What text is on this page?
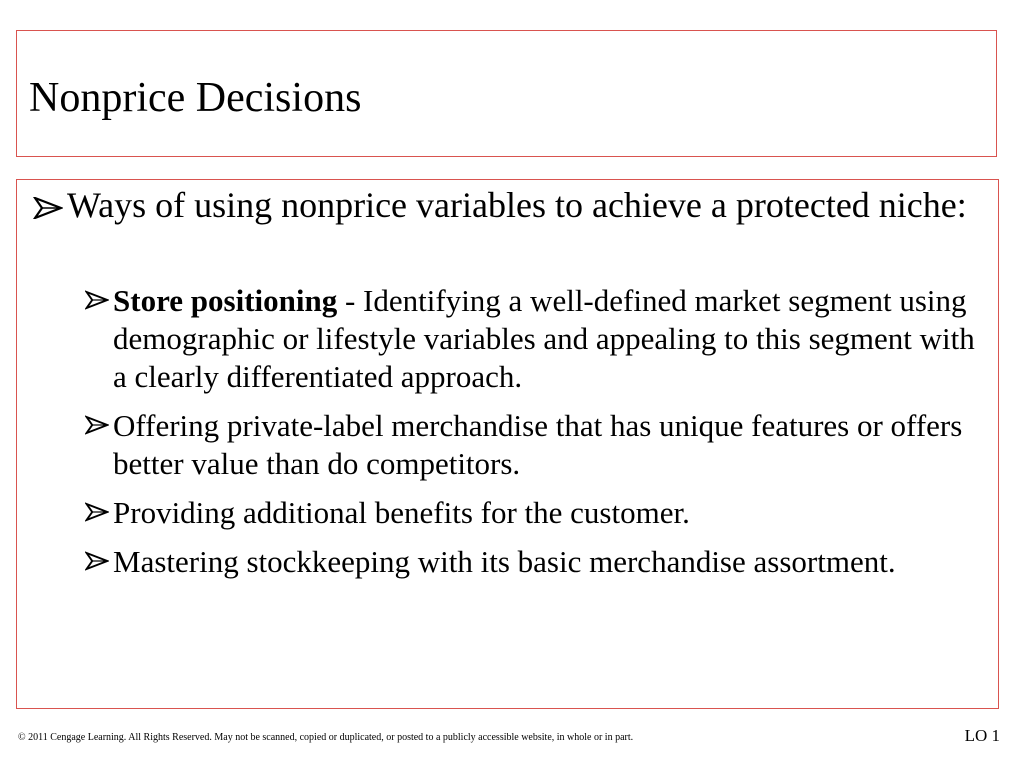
Nonprice Decisions
Ways of using nonprice variables to achieve a protected niche:
Store positioning - Identifying a well-defined market segment using demographic or lifestyle variables and appealing to this segment with a clearly differentiated approach.
Offering private-label merchandise that has unique features or offers better value than do competitors.
Providing additional benefits for the customer.
Mastering stockkeeping with its basic merchandise assortment.
© 2011 Cengage Learning. All Rights Reserved. May not be scanned, copied or duplicated, or posted to a publicly accessible website, in whole or in part.	LO 1
